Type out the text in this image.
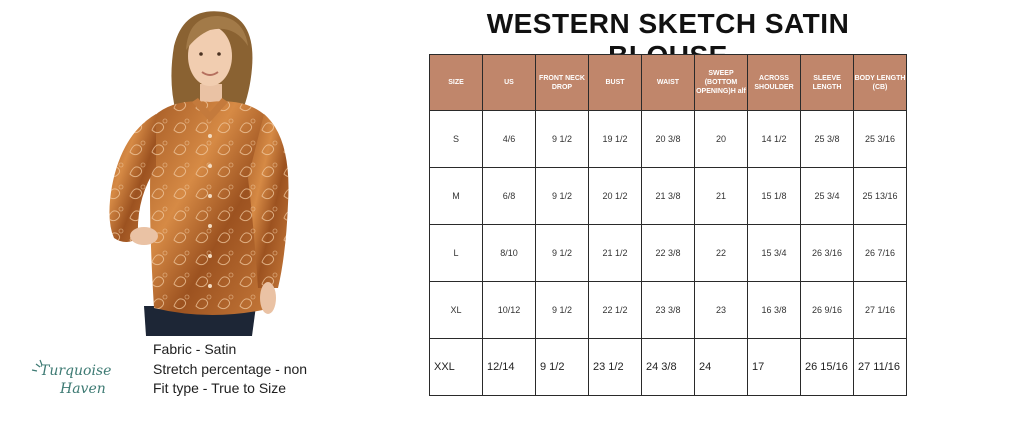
Turquoise
Haven
Fabric - Satin
Stretch percentage - non
Fit type - True to Size
WESTERN SKETCH SATIN
SIZE	US	FRONT NECK DROP	BUST	WAIST	SWEEP (BOTTOM OPENING)H alf	ACROSS SHOULDER	SLEEVE LENGTH	BODY LENGTH (CB)
S	4/6	9 1/2	19 1/2	20 3/8	20	14 1/2	25 3/8	25 3/16
M	6/8	9 1/2	20 1/2	21 3/8	21	15 1/8	25 3/4	25 13/16
L	8/10	9 1/2	21 1/2	22 3/8	22	15 3/4	26 3/16	26 7/16
XL	10/12	9 1/2	22 1/2	23 3/8	23	16 3/8	26 9/16	27 1/16
XXL	12/14	9 1/2	23 1/2	24 3/8	24	17	26 15/16	27 11/16
